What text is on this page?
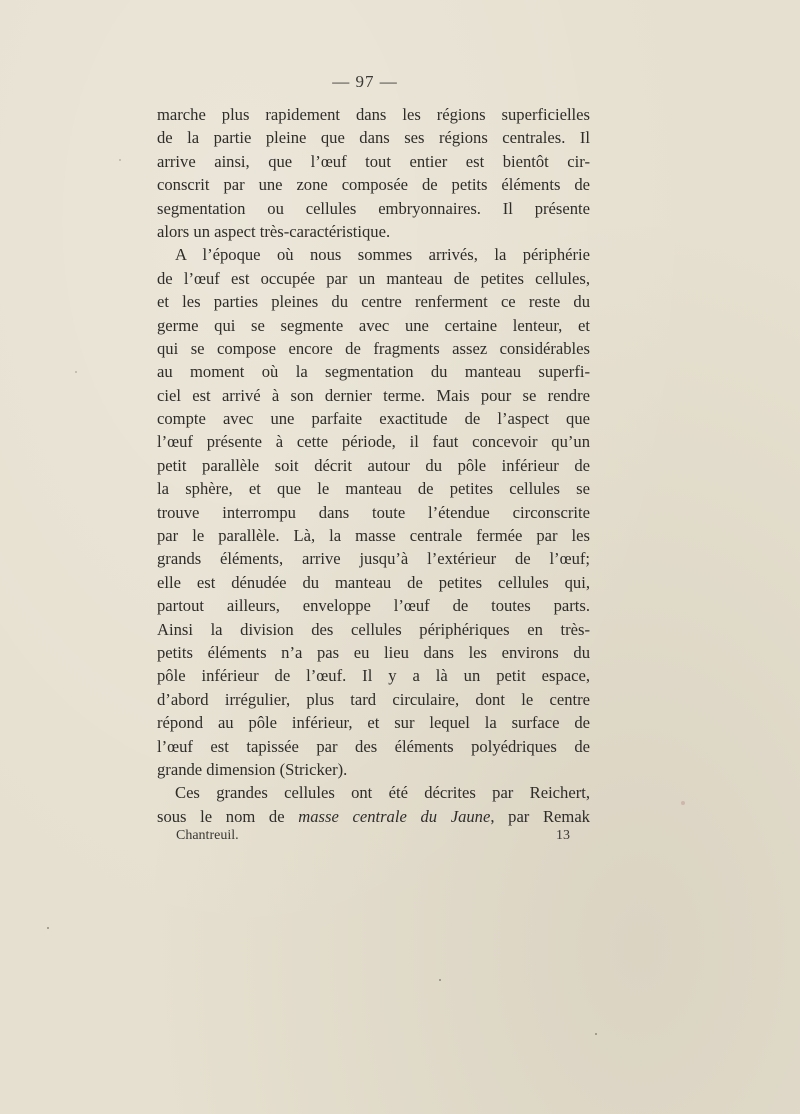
— 97 —
marche plus rapidement dans les régions superficielles
de la partie pleine que dans ses régions centrales. Il
arrive ainsi, que l’œuf tout entier est bientôt cir-
conscrit par une zone composée de petits éléments de
segmentation ou cellules embryonnaires. Il présente
alors un aspect très-caractéristique.
A l’époque où nous sommes arrivés, la périphérie
de l’œuf est occupée par un manteau de petites cellules,
et les parties pleines du centre renferment ce reste du
germe qui se segmente avec une certaine lenteur, et
qui se compose encore de fragments assez considérables
au moment où la segmentation du manteau superfi-
ciel est arrivé à son dernier terme. Mais pour se rendre
compte avec une parfaite exactitude de l’aspect que
l’œuf présente à cette période, il faut concevoir qu’un
petit parallèle soit décrit autour du pôle inférieur de
la sphère, et que le manteau de petites cellules se
trouve interrompu dans toute l’étendue circonscrite
par le parallèle. Là, la masse centrale fermée par les
grands éléments, arrive jusqu’à l’extérieur de l’œuf;
elle est dénudée du manteau de petites cellules qui,
partout ailleurs, enveloppe l’œuf de toutes parts.
Ainsi la division des cellules périphériques en très-
petits éléments n’a pas eu lieu dans les environs du
pôle inférieur de l’œuf. Il y a là un petit espace,
d’abord irrégulier, plus tard circulaire, dont le centre
répond au pôle inférieur, et sur lequel la surface de
l’œuf est tapissée par des éléments polyédriques de
grande dimension (Stricker).
Ces grandes cellules ont été décrites par Reichert,
sous le nom de masse centrale du Jaune, par Remak
Chantreuil.	13
